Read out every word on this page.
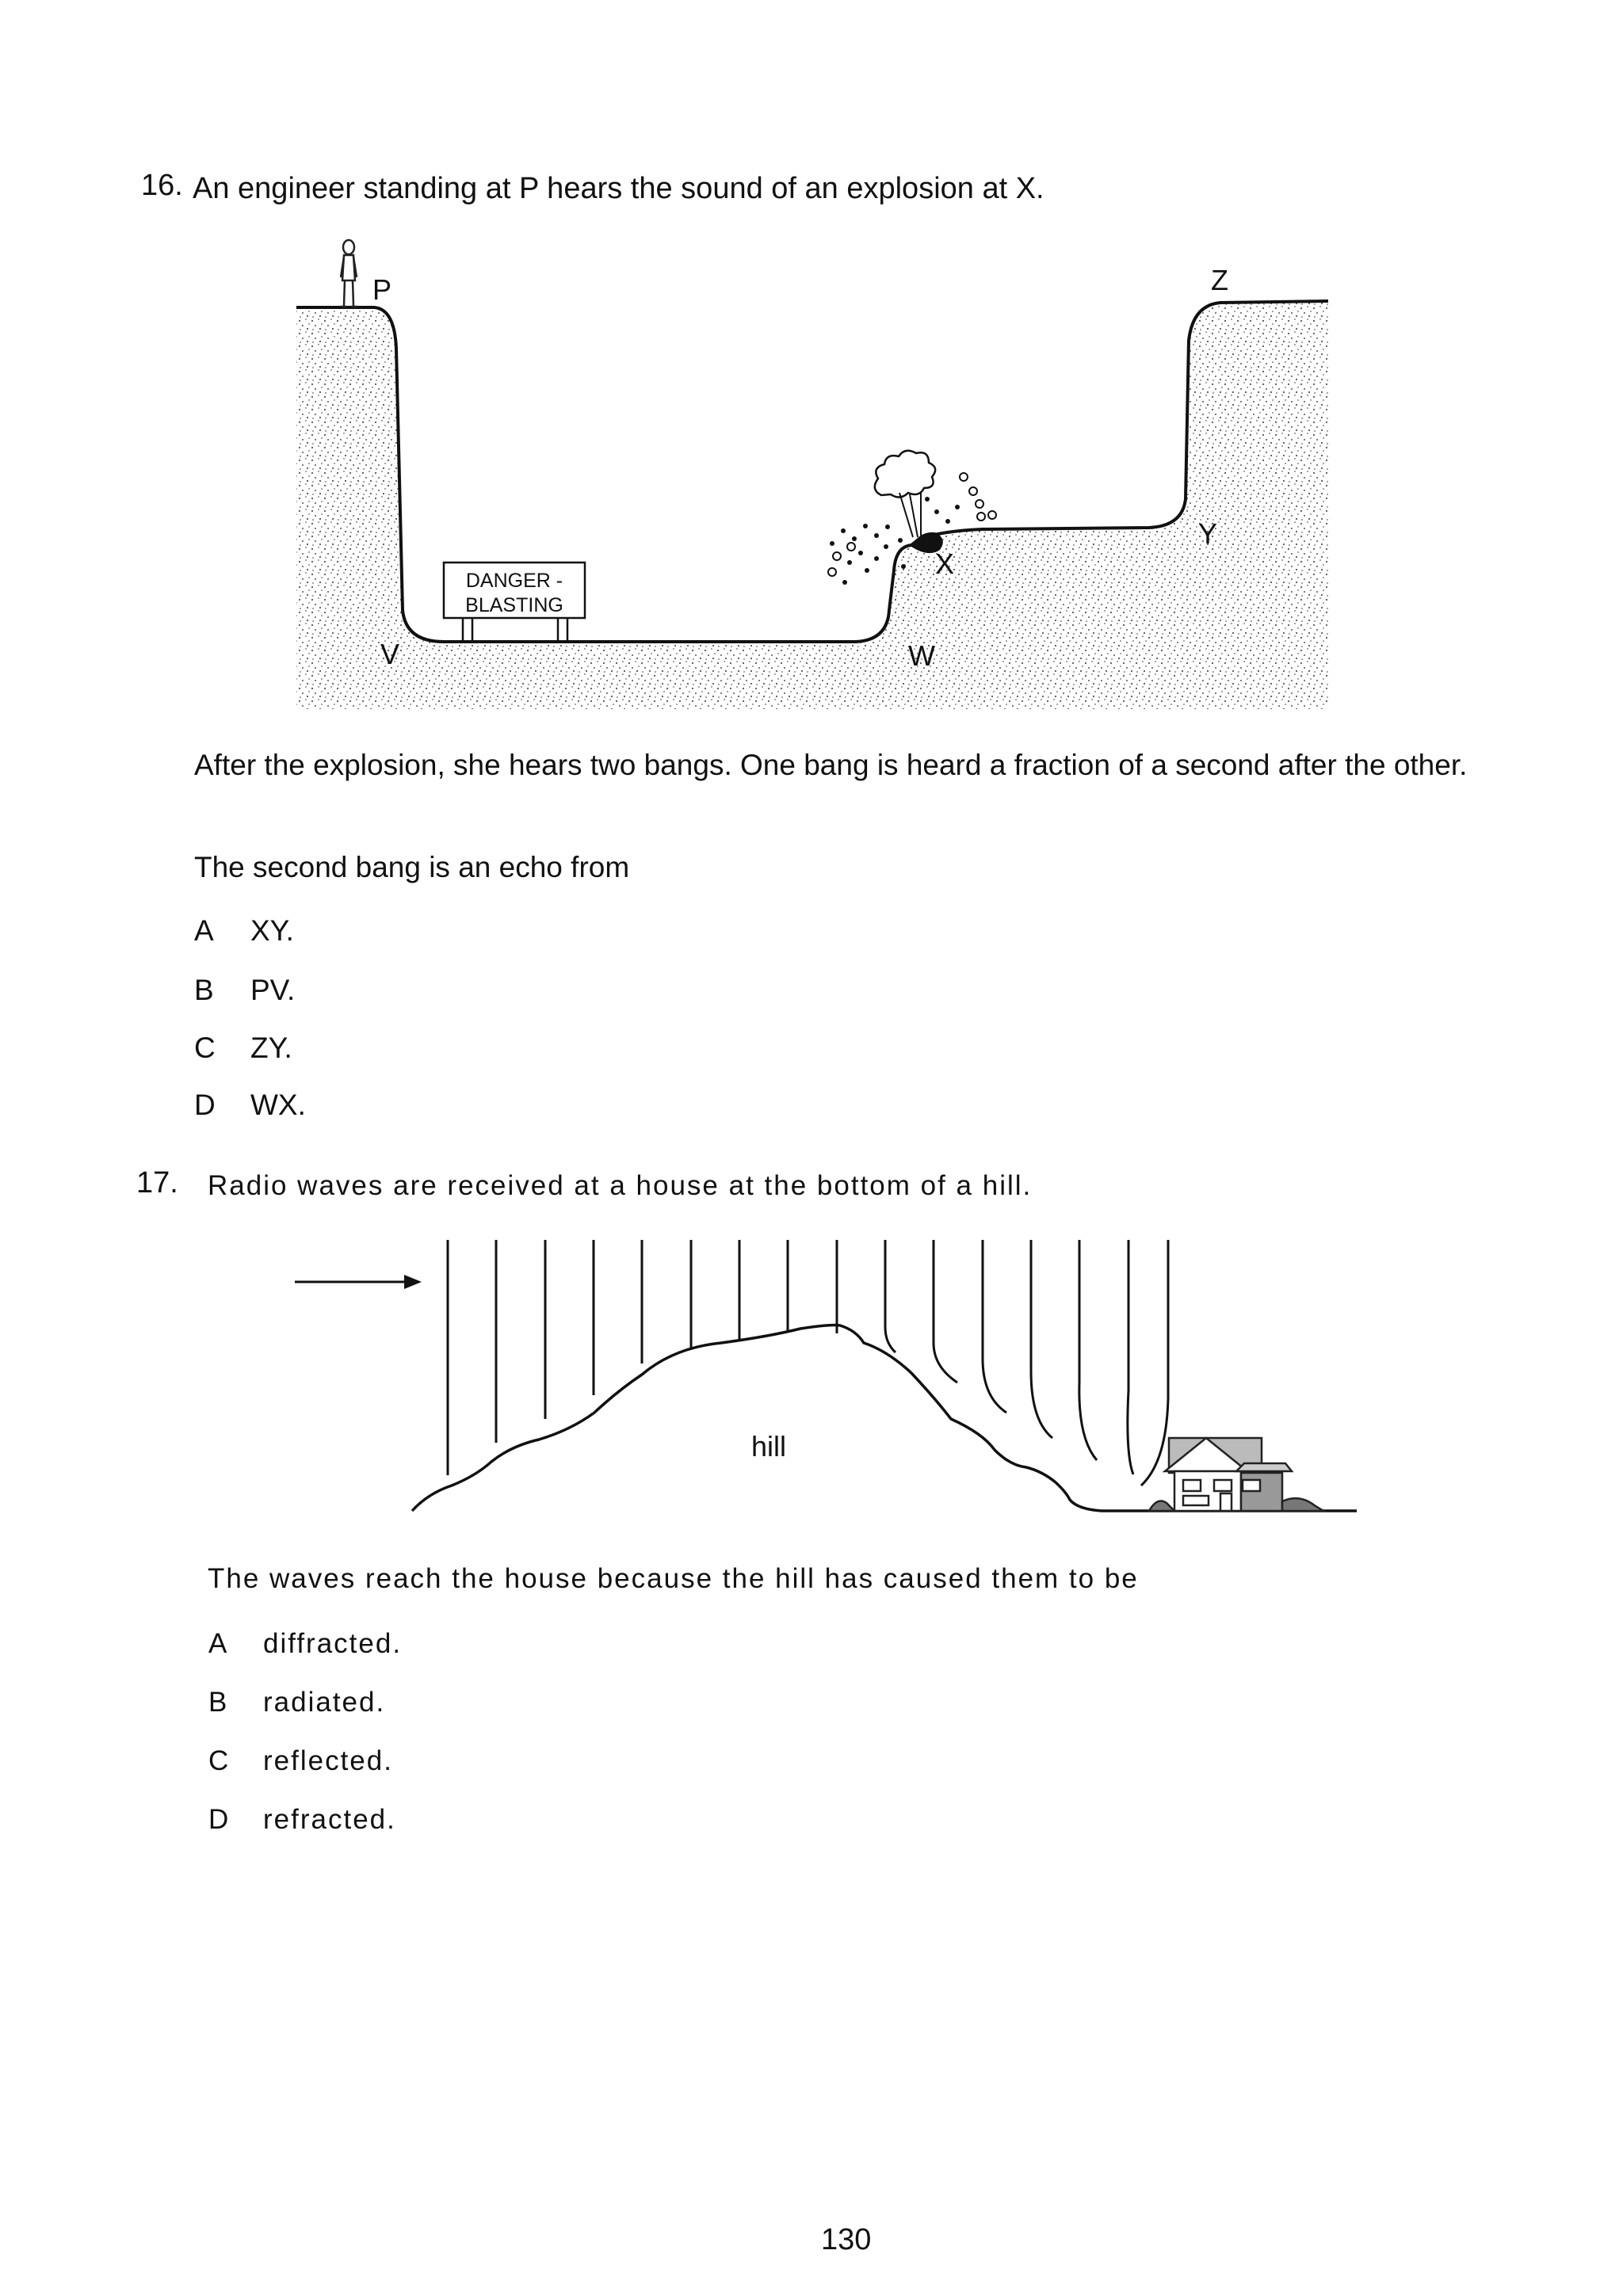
16. An engineer standing at P hears the sound of an explosion at X.
DANGER -
BLASTING
P	Z
Y
X
V	W
After the explosion, she hears two bangs. One bang is heard a fraction of a second after the other.
The second bang is an echo from
A XY.
B PV.
C ZY.
D WX.
17. Radio waves are received at a house at the bottom of a hill.
hill
The waves reach the house because the hill has caused them to be
A diffracted.
B radiated.
C reflected.
D refracted.
130
